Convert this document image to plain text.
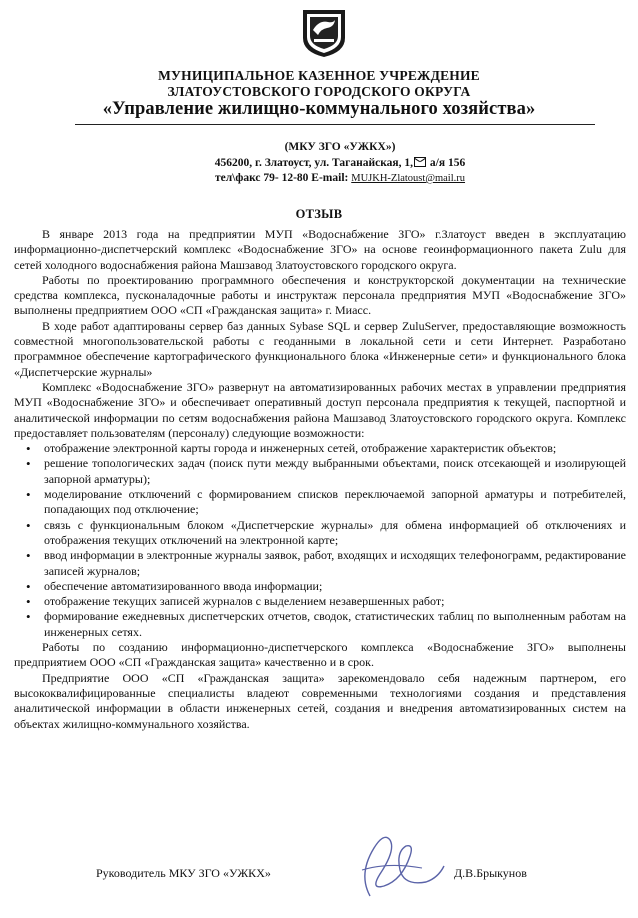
МУНИЦИПАЛЬНОЕ КАЗЕННОЕ УЧРЕЖДЕНИЕ
ЗЛАТОУСТОВСКОГО ГОРОДСКОГО ОКРУГА
«Управление жилищно-коммунального хозяйства»
(МКУ ЗГО «УЖКХ»)
456200, г. Златоуст, ул. Таганайская, 1, а/я 156
тел\факс 79- 12-80 E-mail: MUJKH-Zlatoust@mail.ru
ОТЗЫВ

В январе 2013 года на предприятии МУП «Водоснабжение ЗГО» г.Златоуст введен в эксплуатацию информационно-диспетчерский комплекс «Водоснабжение ЗГО» на основе геоинформационного пакета Zulu для сетей холодного водоснабжения района Машзавод Златоустовского городского округа.

Работы по проектированию программного обеспечения и конструкторской документации на технические средства комплекса, пусконаладочные работы и инструктаж персонала предприятия МУП «Водоснабжение ЗГО» выполнены предприятием ООО «СП «Гражданская защита» г. Миасс.

В ходе работ адаптированы сервер баз данных Sybase SQL и сервер ZuluServer, предоставляющие возможность совместной многопользовательской работы с геоданными в локальной сети и сети Интернет. Разработано программное обеспечение картографического функционального блока «Инженерные сети» и функционального блока «Диспетчерские журналы»

Комплекс «Водоснабжение ЗГО» развернут на автоматизированных рабочих местах в управлении предприятия МУП «Водоснабжение ЗГО» и обеспечивает оперативный доступ персонала предприятия к текущей, паспортной и аналитической информации по сетям водоснабжения района Машзавод Златоустовского городского округа. Комплекс предоставляет пользователям (персоналу) следующие возможности:

• отображение электронной карты города и инженерных сетей, отображение характеристик объектов;
• решение топологических задач (поиск пути между выбранными объектами, поиск отсекающей и изолирующей запорной арматуры);
• моделирование отключений с формированием списков переключаемой запорной арматуры и потребителей, попадающих под отключение;
• связь с функциональным блоком «Диспетчерские журналы» для обмена информацией об отключениях и отображения текущих отключений на электронной карте;
• ввод информации в электронные журналы заявок, работ, входящих и исходящих телефонограмм, редактирование записей журналов;
• обеспечение автоматизированного ввода информации;
• отображение текущих записей журналов с выделением незавершенных работ;
• формирование ежедневных диспетчерских отчетов, сводок, статистических таблиц по выполненным работам на инженерных сетях.

Работы по созданию информационно-диспетчерского комплекса «Водоснабжение ЗГО» выполнены предприятием ООО «СП «Гражданская защита» качественно и в срок.

Предприятие ООО «СП «Гражданская защита» зарекомендовало себя надежным партнером, его высококвалифицированные специалисты владеют современными технологиями создания и представления аналитической информации в области инженерных сетей, создания и внедрения автоматизированных систем на объектах жилищно-коммунального хозяйства.

Руководитель МКУ ЗГО «УЖКХ»	Д.В.Брыкунов
